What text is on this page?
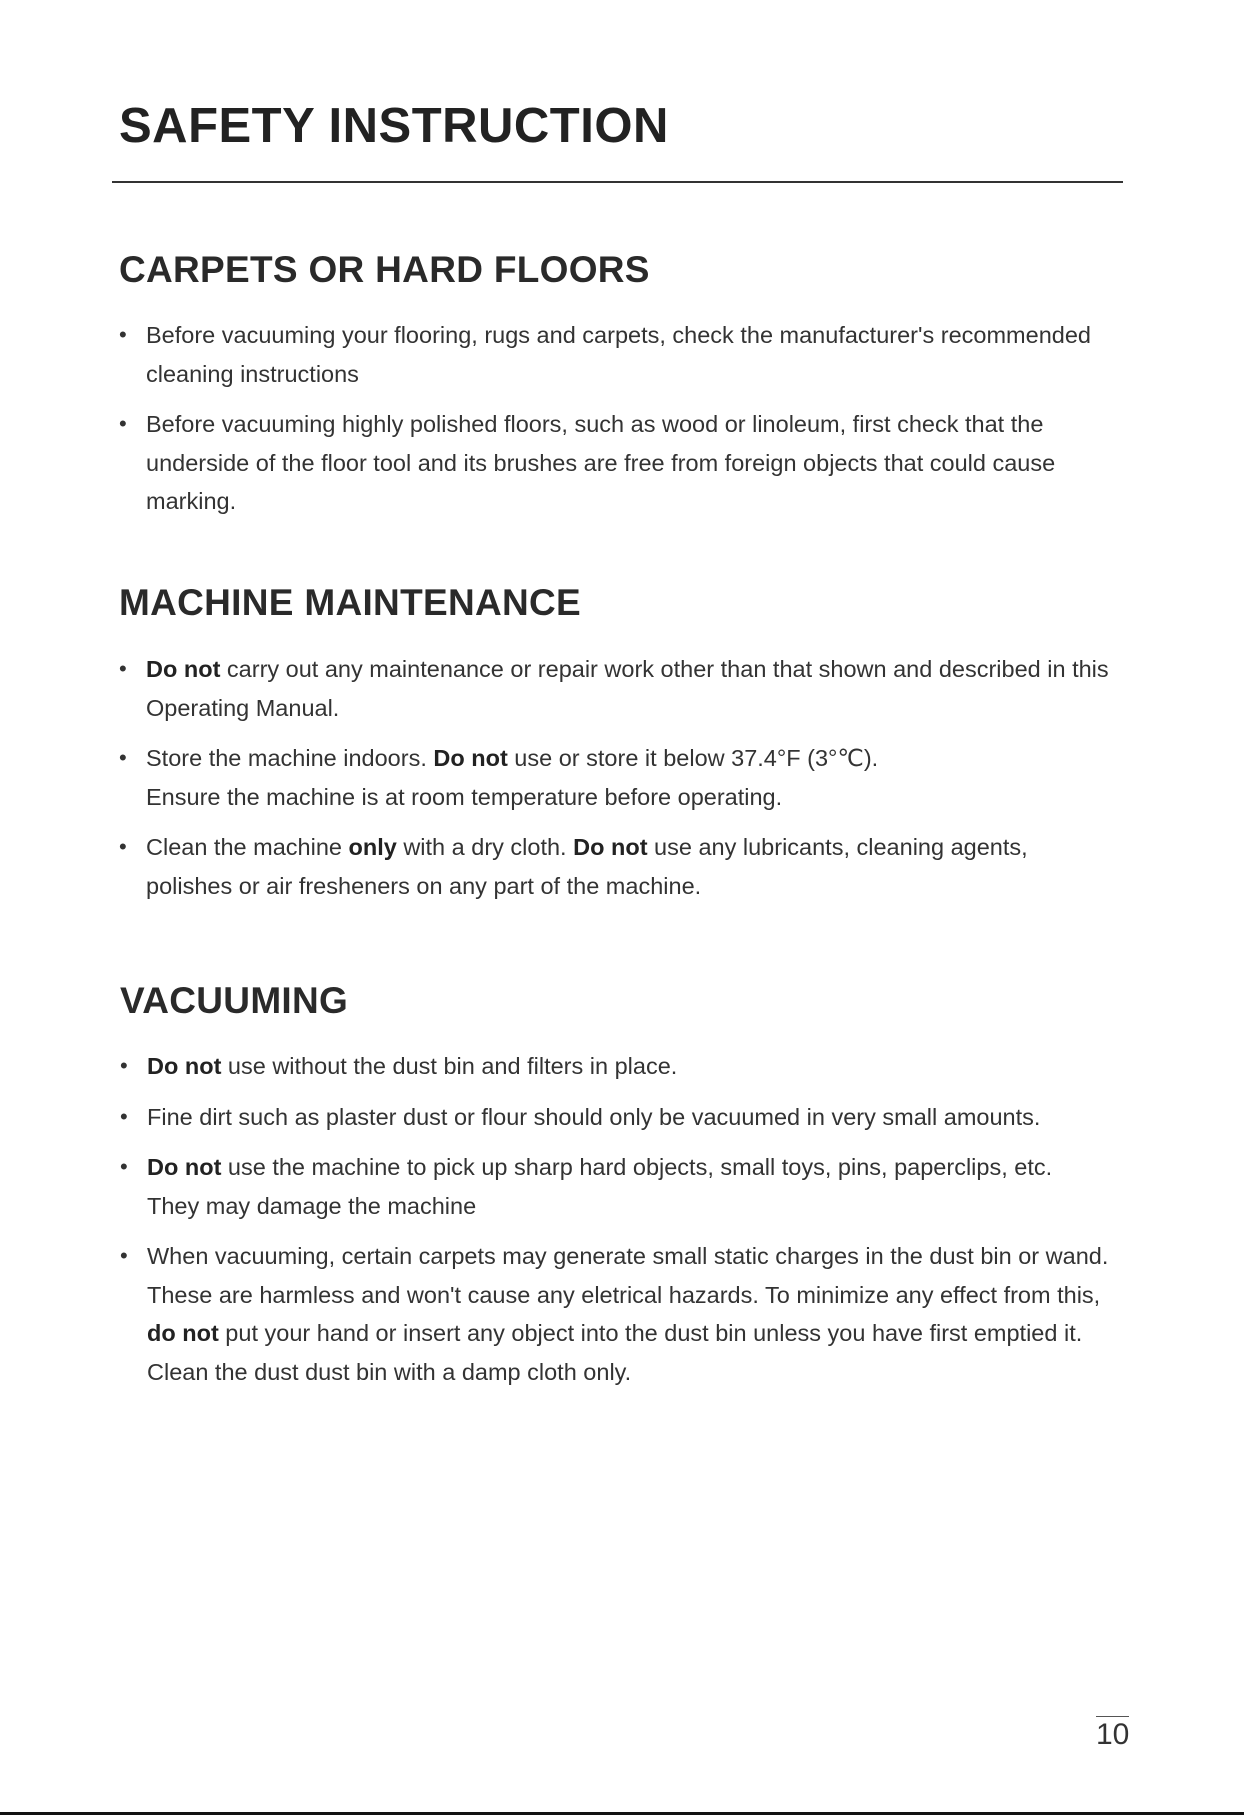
SAFETY INSTRUCTION
CARPETS OR HARD FLOORS
• Before vacuuming your flooring, rugs and carpets, check the manufacturer's recommended cleaning instructions
• Before vacuuming highly polished floors, such as wood or linoleum, first check that the underside of the floor tool and its brushes are free from foreign objects that could cause marking.
MACHINE MAINTENANCE
• Do not carry out any maintenance or repair work other than that shown and described in this Operating Manual.
• Store the machine indoors. Do not use or store it below 37.4°F (3°℃).
Ensure the machine is at room temperature before operating.
• Clean the machine only with a dry cloth. Do not use any lubricants, cleaning agents, polishes or air fresheners on any part of the machine.
VACUUMING
• Do not use without the dust bin and filters in place.
• Fine dirt such as plaster dust or flour should only be vacuumed in very small amounts.
• Do not use the machine to pick up sharp hard objects, small toys, pins, paperclips, etc.
They may damage the machine
• When vacuuming, certain carpets may generate small static charges in the dust bin or wand. These are harmless and won't cause any eletrical hazards. To minimize any effect from this, do not put your hand or insert any object into the dust bin unless you have first emptied it. Clean the dust dust bin with a damp cloth only.
10
